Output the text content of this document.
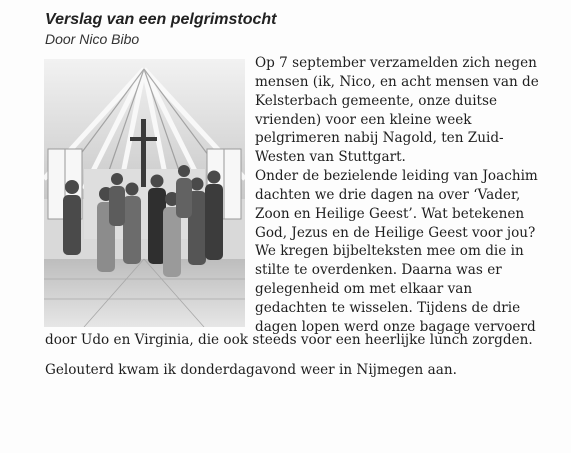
Verslag van een pelgrimstocht
Door Nico Bibo

Op 7 september verzamelden zich negen

mensen (ik, Nico, en acht mensen van de

Kelsterbach gemeente, onze duitse

vrienden) voor een kleine week

pelgrimeren nabij Nagold, ten Zuid-

Westen van Stuttgart.

Onder de bezielende leiding van Joachim

dachten we drie dagen na over ‘Vader,

Zoon en Heilige Geest’. Wat betekenen

God, Jezus en de Heilige Geest voor jou?

We kregen bijbelteksten mee om die in

stilte te overdenken. Daarna was er

gelegenheid om met elkaar van

gedachten te wisselen. Tijdens de drie

dagen lopen werd onze bagage vervoerd

door Udo en Virginia, die ook steeds voor een heerlijke lunch zorgden.
Gelouterd kwam ik donderdagavond weer in Nijmegen aan.
